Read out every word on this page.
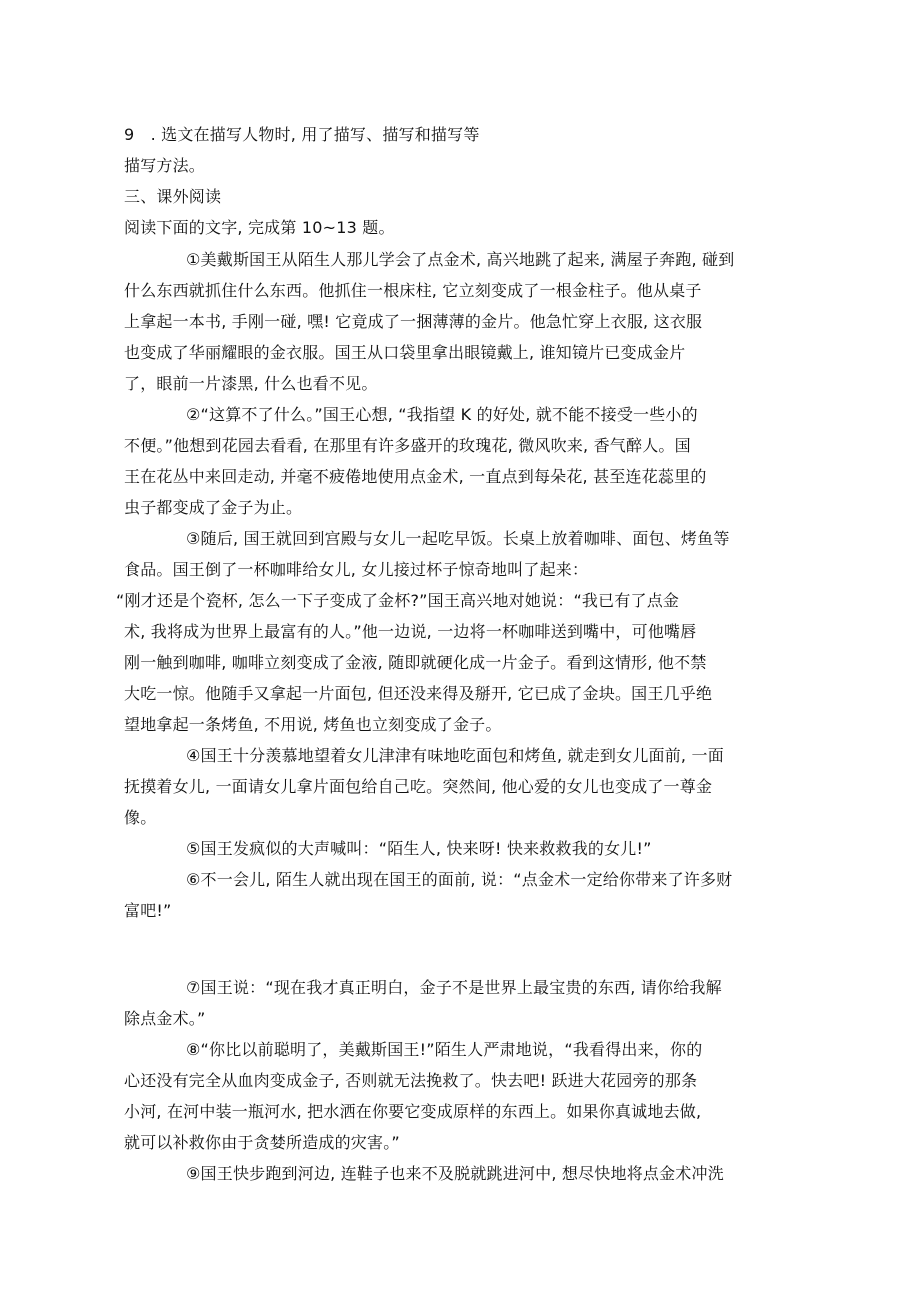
9　. 选文在描写人物时, 用了描写、描写和描写等
描写方法。
三、课外阅读
阅读下面的文字, 完成第 10~13 题。
①美戴斯国王从陌生人那儿学会了点金术, 高兴地跳了起来, 满屋子奔跑, 碰到
什么东西就抓住什么东西。他抓住一根床柱, 它立刻变成了一根金柱子。他从桌子
上拿起一本书, 手刚一碰, 嘿! 它竟成了一捆薄薄的金片。他急忙穿上衣服, 这衣服
也变成了华丽耀眼的金衣服。国王从口袋里拿出眼镜戴上, 谁知镜片已变成金片
了，眼前一片漆黑, 什么也看不见。
②“这算不了什么。”国王心想, “我指望 K 的好处, 就不能不接受一些小的
不便。”他想到花园去看看, 在那里有许多盛开的玫瑰花, 微风吹来, 香气醉人。国
王在花丛中来回走动, 并毫不疲倦地使用点金术, 一直点到每朵花, 甚至连花蕊里的
虫子都变成了金子为止。
③随后, 国王就回到宫殿与女儿一起吃早饭。长桌上放着咖啡、面包、烤鱼等
食品。国王倒了一杯咖啡给女儿, 女儿接过杯子惊奇地叫了起来：
“刚才还是个瓷杯, 怎么一下子变成了金杯?”国王高兴地对她说：“我已有了点金
术, 我将成为世界上最富有的人。”他一边说, 一边将一杯咖啡送到嘴中，可他嘴唇
刚一触到咖啡, 咖啡立刻变成了金液, 随即就硬化成一片金子。看到这情形, 他不禁
大吃一惊。他随手又拿起一片面包, 但还没来得及掰开, 它已成了金块。国王几乎绝
望地拿起一条烤鱼, 不用说, 烤鱼也立刻变成了金子。
④国王十分羡慕地望着女儿津津有味地吃面包和烤鱼, 就走到女儿面前, 一面
抚摸着女儿, 一面请女儿拿片面包给自己吃。突然间, 他心爱的女儿也变成了一尊金
像。
⑤国王发疯似的大声喊叫：“陌生人, 快来呀! 快来救救我的女儿!”
⑥不一会儿, 陌生人就出现在国王的面前, 说：“点金术一定给你带来了许多财
富吧!”
⑦国王说：“现在我才真正明白，金子不是世界上最宝贵的东西, 请你给我解
除点金术。”
⑧“你比以前聪明了，美戴斯国王!”陌生人严肃地说，“我看得出来，你的
心还没有完全从血肉变成金子, 否则就无法挽救了。快去吧! 跃进大花园旁的那条
小河, 在河中装一瓶河水, 把水洒在你要它变成原样的东西上。如果你真诚地去做,
就可以补救你由于贪婪所造成的灾害。”
⑨国王快步跑到河边, 连鞋子也来不及脱就跳进河中, 想尽快地将点金术冲洗
